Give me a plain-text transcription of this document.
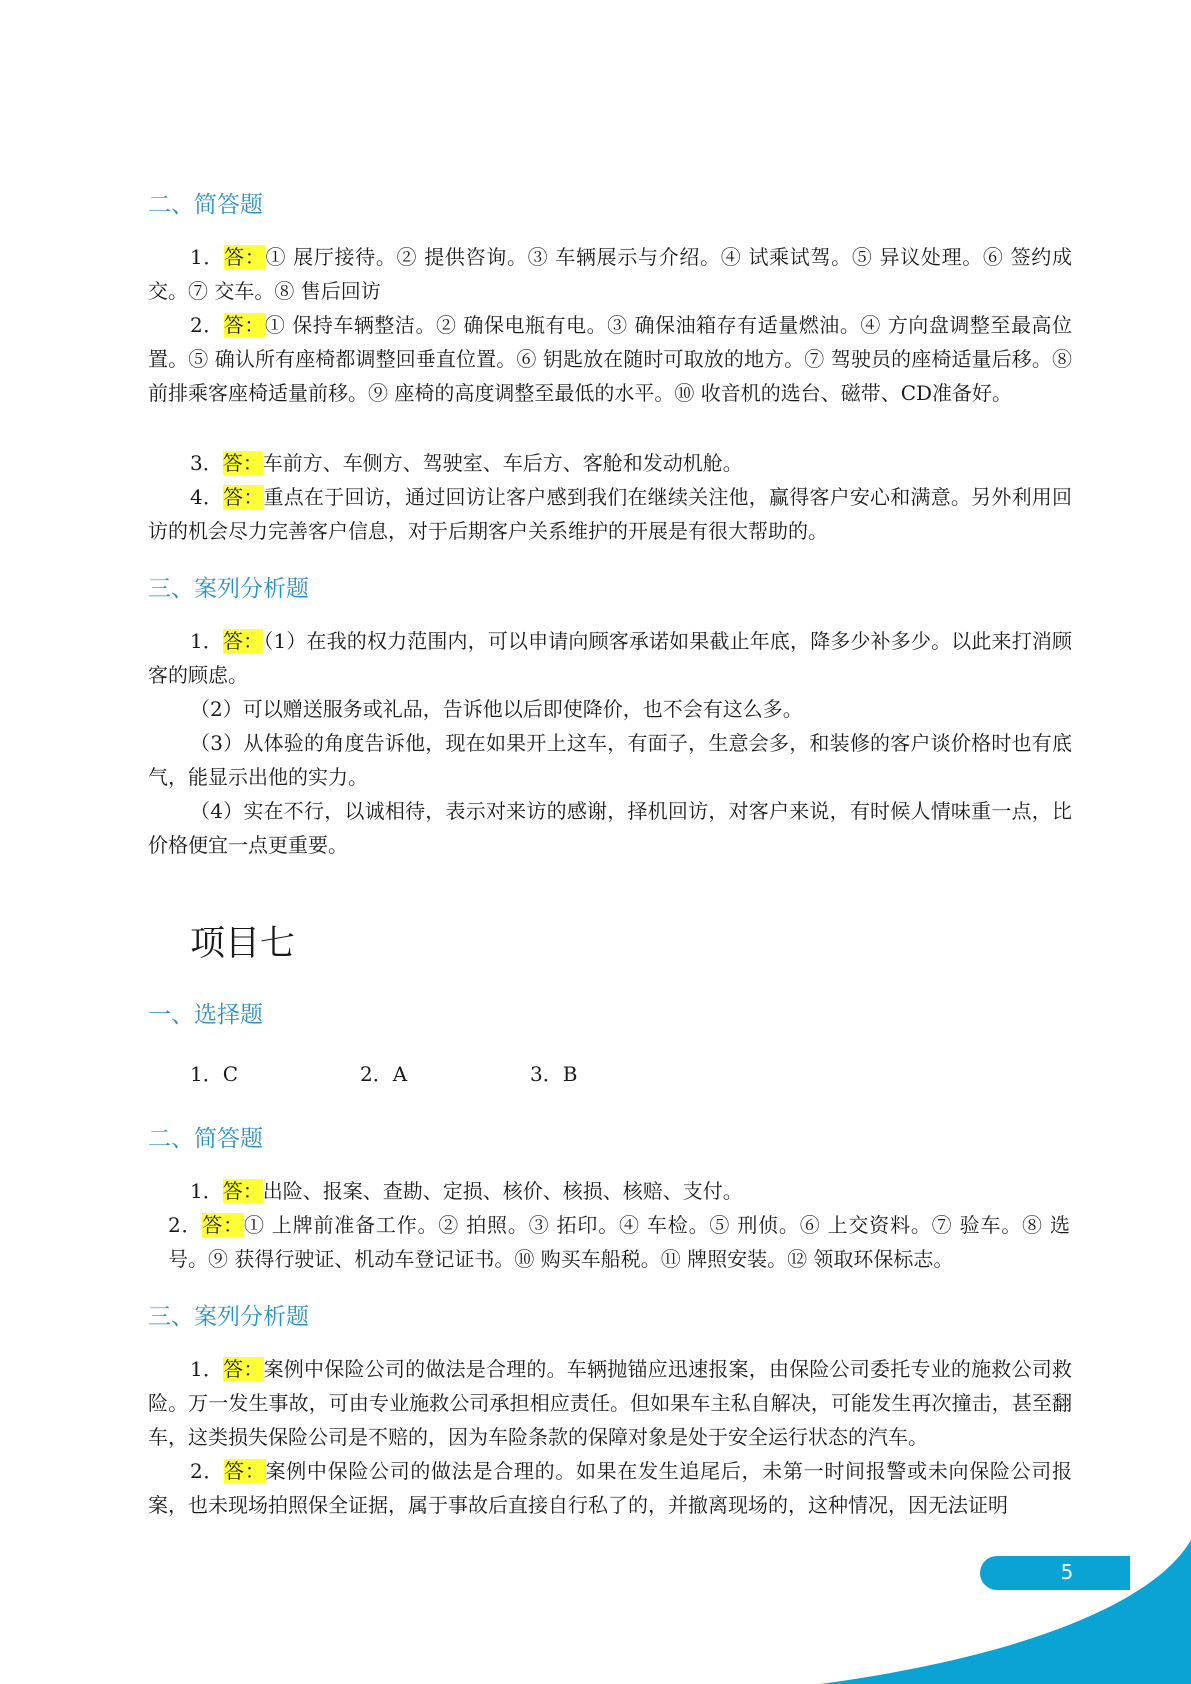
二、简答题

1．答：① 展厅接待。② 提供咨询。③ 车辆展示与介绍。④ 试乘试驾。⑤ 异议处理。⑥ 签约成交。⑦ 交车。⑧ 售后回访

2．答：① 保持车辆整洁。② 确保电瓶有电。③ 确保油箱存有适量燃油。④ 方向盘调整至最高位置。⑤ 确认所有座椅都调整回垂直位置。⑥ 钥匙放在随时可取放的地方。⑦ 驾驶员的座椅适量后移。⑧ 前排乘客座椅适量前移。⑨ 座椅的高度调整至最低的水平。⑩ 收音机的选台、磁带、CD准备好。

3．答：车前方、车侧方、驾驶室、车后方、客舱和发动机舱。

4．答：重点在于回访，通过回访让客户感到我们在继续关注他，赢得客户安心和满意。另外利用回访的机会尽力完善客户信息，对于后期客户关系维护的开展是有很大帮助的。

三、案列分析题

1．答：（1）在我的权力范围内，可以申请向顾客承诺如果截止年底，降多少补多少。以此来打消顾客的顾虑。

（2）可以赠送服务或礼品，告诉他以后即使降价，也不会有这么多。

（3）从体验的角度告诉他，现在如果开上这车，有面子，生意会多，和装修的客户谈价格时也有底气，能显示出他的实力。

（4）实在不行，以诚相待，表示对来访的感谢，择机回访，对客户来说，有时候人情味重一点，比价格便宜一点更重要。

项目七
一、选择题
1．C	2．A	3．B
二、简答题

1．答：出险、报案、查勘、定损、核价、核损、核赔、支付。

2．答：① 上牌前准备工作。② 拍照。③ 拓印。④ 车检。⑤ 刑侦。⑥ 上交资料。⑦ 验车。⑧ 选号。⑨ 获得行驶证、机动车登记证书。⑩ 购买车船税。⑪ 牌照安装。⑫ 领取环保标志。

三、案列分析题

1．答：案例中保险公司的做法是合理的。车辆抛锚应迅速报案，由保险公司委托专业的施救公司救险。万一发生事故，可由专业施救公司承担相应责任。但如果车主私自解决，可能发生再次撞击，甚至翻车，这类损失保险公司是不赔的，因为车险条款的保障对象是处于安全运行状态的汽车。

2．答：案例中保险公司的做法是合理的。如果在发生追尾后，未第一时间报警或未向保险公司报案，也未现场拍照保全证据，属于事故后直接自行私了的，并撤离现场的，这种情况，因无法证明

5
